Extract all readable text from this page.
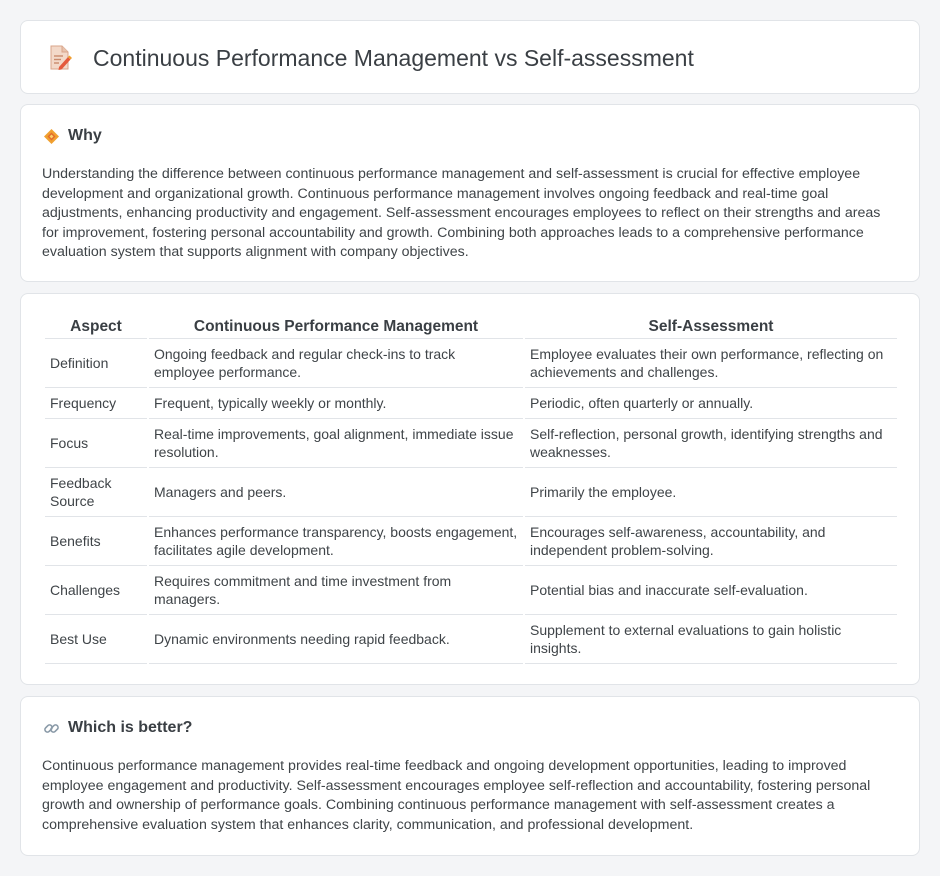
Continuous Performance Management vs Self-assessment
Why

Understanding the difference between continuous performance management and self-assessment is crucial for effective employee development and organizational growth. Continuous performance management involves ongoing feedback and real-time goal adjustments, enhancing productivity and engagement. Self-assessment encourages employees to reflect on their strengths and areas for improvement, fostering personal accountability and growth. Combining both approaches leads to a comprehensive performance evaluation system that supports alignment with company objectives.

Aspect	Continuous Performance Management	Self-Assessment
Definition	Ongoing feedback and regular check-ins to track employee performance.	Employee evaluates their own performance, reflecting on achievements and challenges.
Frequency	Frequent, typically weekly or monthly.	Periodic, often quarterly or annually.
Focus	Real-time improvements, goal alignment, immediate issue resolution.	Self-reflection, personal growth, identifying strengths and weaknesses.
Feedback Source	Managers and peers.	Primarily the employee.
Benefits	Enhances performance transparency, boosts engagement, facilitates agile development.	Encourages self-awareness, accountability, and independent problem-solving.
Challenges	Requires commitment and time investment from managers.	Potential bias and inaccurate self-evaluation.
Best Use	Dynamic environments needing rapid feedback.	Supplement to external evaluations to gain holistic insights.
Which is better?

Continuous performance management provides real-time feedback and ongoing development opportunities, leading to improved employee engagement and productivity. Self-assessment encourages employee self-reflection and accountability, fostering personal growth and ownership of performance goals. Combining continuous performance management with self-assessment creates a comprehensive evaluation system that enhances clarity, communication, and professional development.
